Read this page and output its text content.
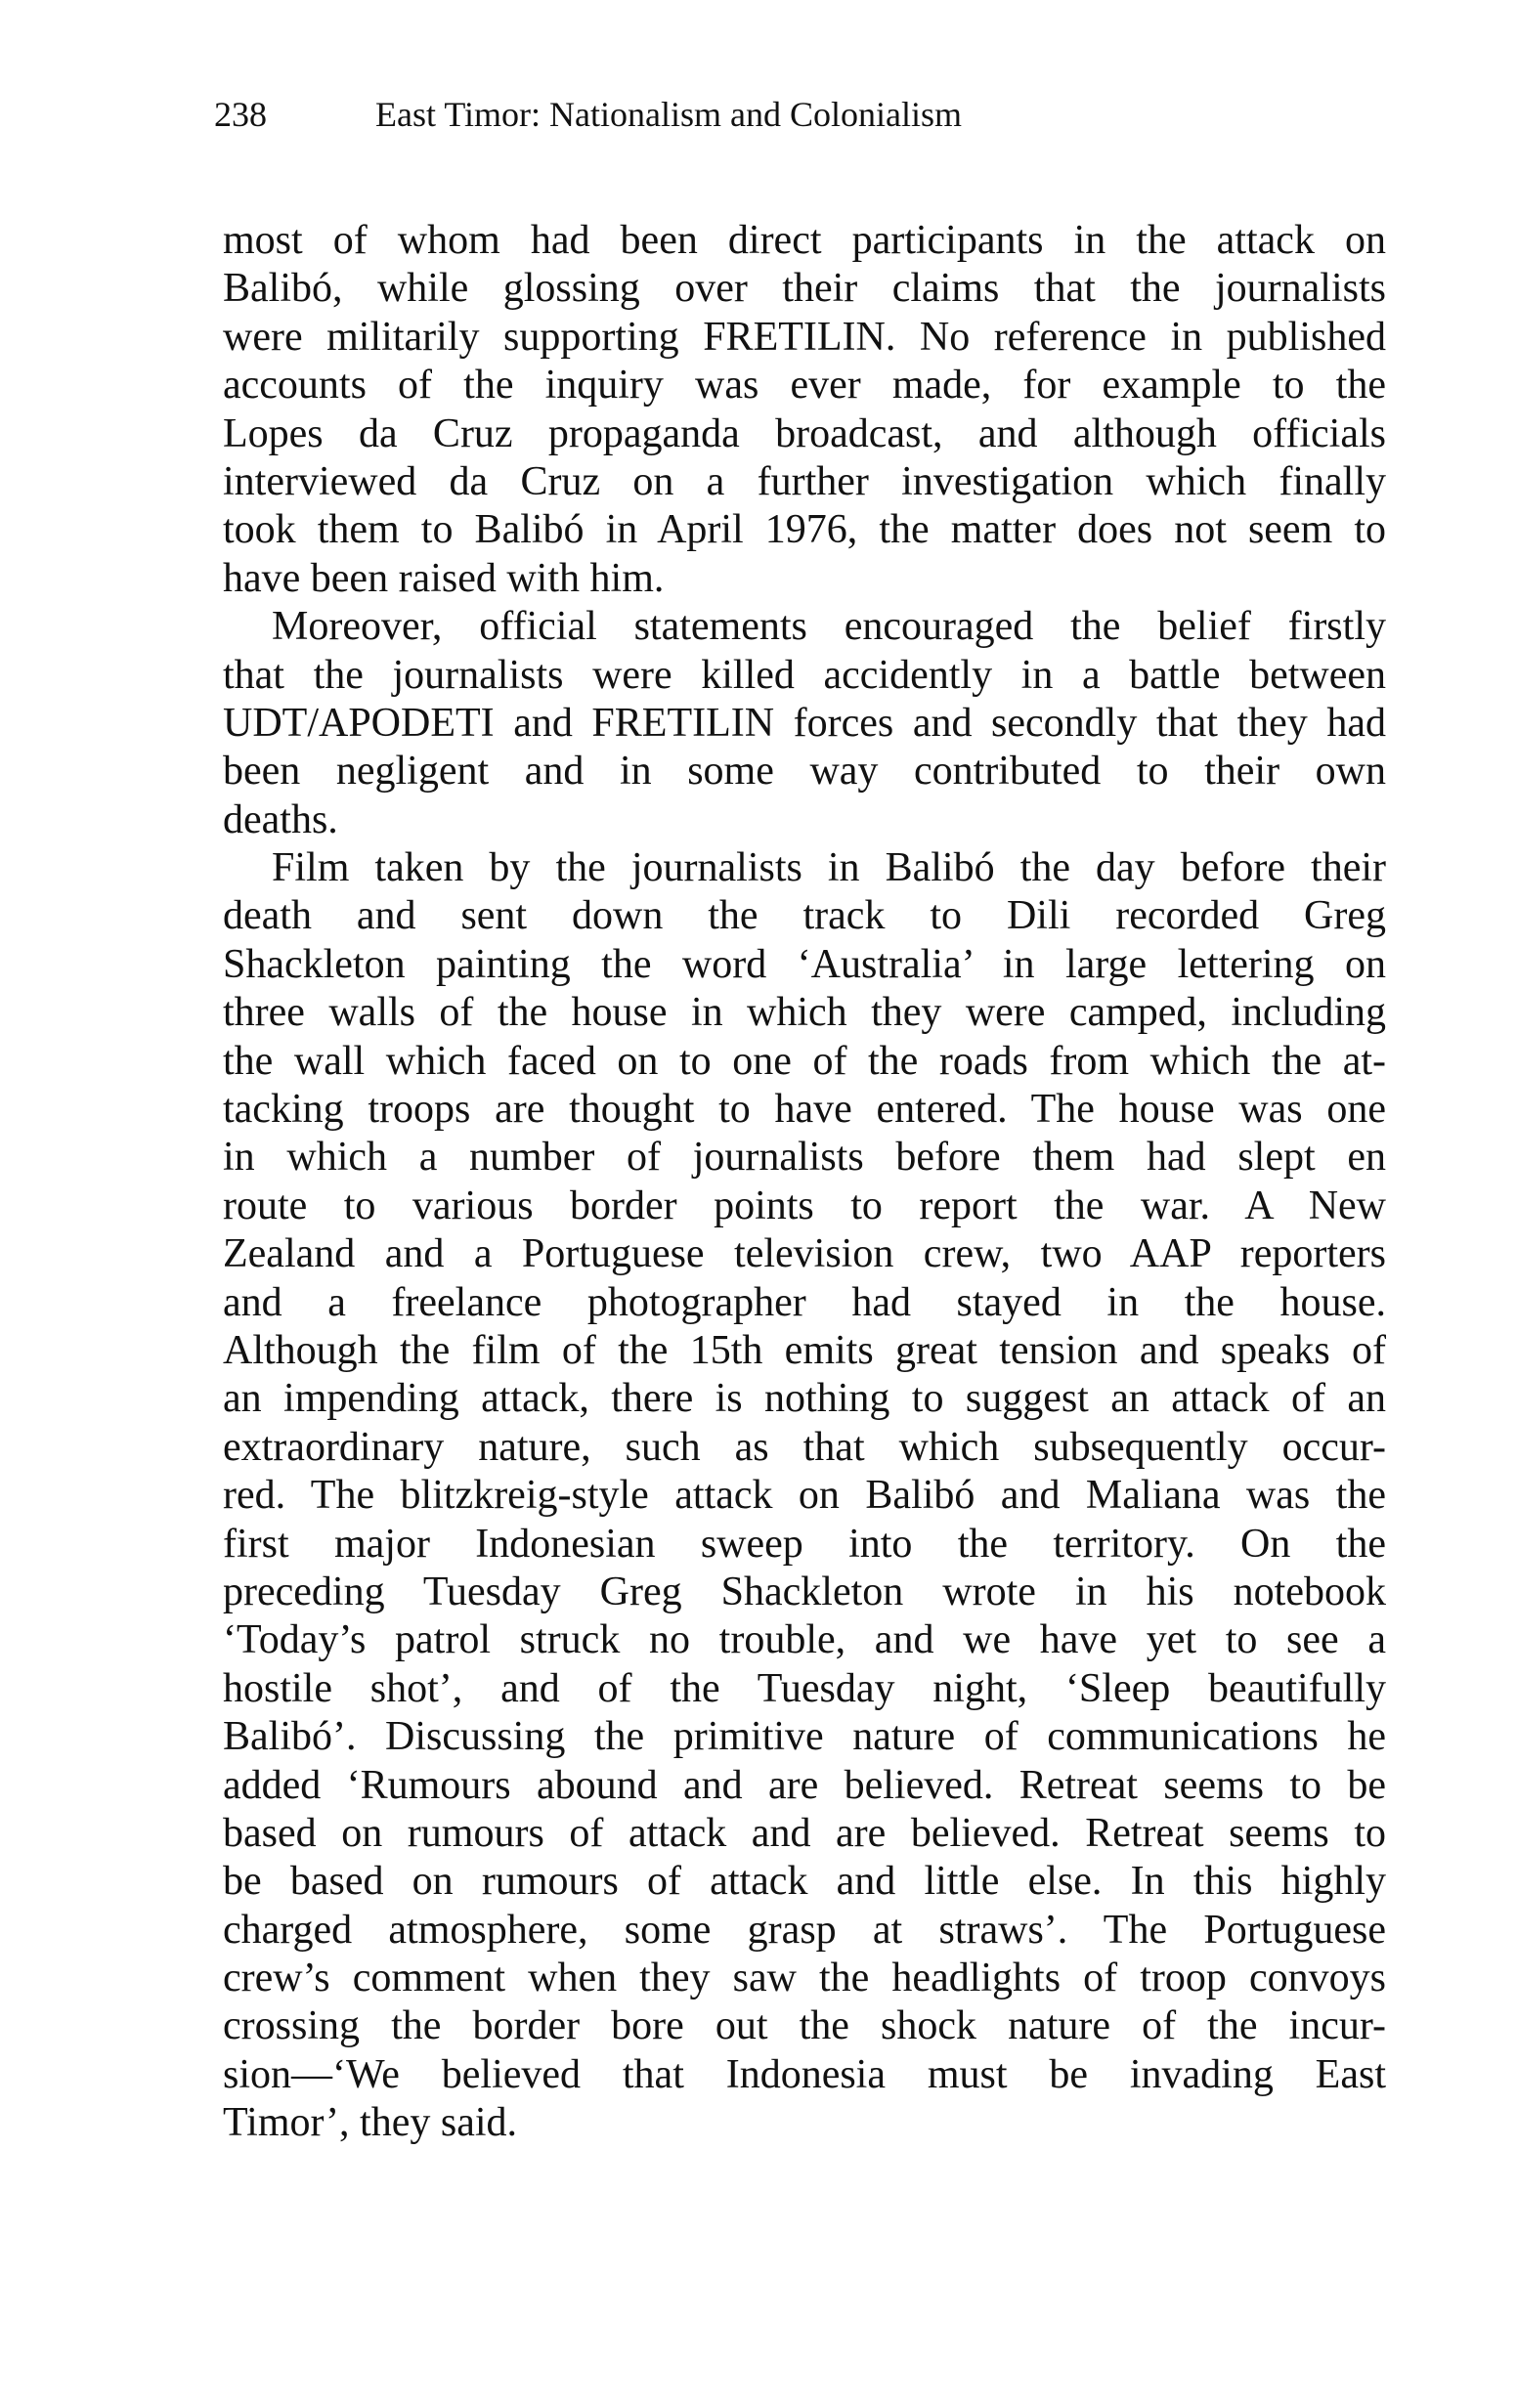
238	East Timor: Nationalism and Colonialism
most of whom had been direct participants in the attack on
Balibó, while glossing over their claims that the journalists
were militarily supporting FRETILIN. No reference in published
accounts of the inquiry was ever made, for example to the
Lopes da Cruz propaganda broadcast, and although officials
interviewed da Cruz on a further investigation which finally
took them to Balibó in April 1976, the matter does not seem to
have been raised with him.
Moreover, official statements encouraged the belief firstly
that the journalists were killed accidently in a battle between
UDT/APODETI and FRETILIN forces and secondly that they had
been negligent and in some way contributed to their own
deaths.
Film taken by the journalists in Balibó the day before their
death and sent down the track to Dili recorded Greg
Shackleton painting the word ‘Australia’ in large lettering on
three walls of the house in which they were camped, including
the wall which faced on to one of the roads from which the at-
tacking troops are thought to have entered. The house was one
in which a number of journalists before them had slept en
route to various border points to report the war. A New
Zealand and a Portuguese television crew, two AAP reporters
and a freelance photographer had stayed in the house.
Although the film of the 15th emits great tension and speaks of
an impending attack, there is nothing to suggest an attack of an
extraordinary nature, such as that which subsequently occur-
red. The blitzkreig-style attack on Balibó and Maliana was the
first major Indonesian sweep into the territory. On the
preceding Tuesday Greg Shackleton wrote in his notebook
‘Today’s patrol struck no trouble, and we have yet to see a
hostile shot’, and of the Tuesday night, ‘Sleep beautifully
Balibó’. Discussing the primitive nature of communications he
added ‘Rumours abound and are believed. Retreat seems to be
based on rumours of attack and are believed. Retreat seems to
be based on rumours of attack and little else. In this highly
charged atmosphere, some grasp at straws’. The Portuguese
crew’s comment when they saw the headlights of troop convoys
crossing the border bore out the shock nature of the incur-
sion—‘We believed that Indonesia must be invading East
Timor’, they said.
